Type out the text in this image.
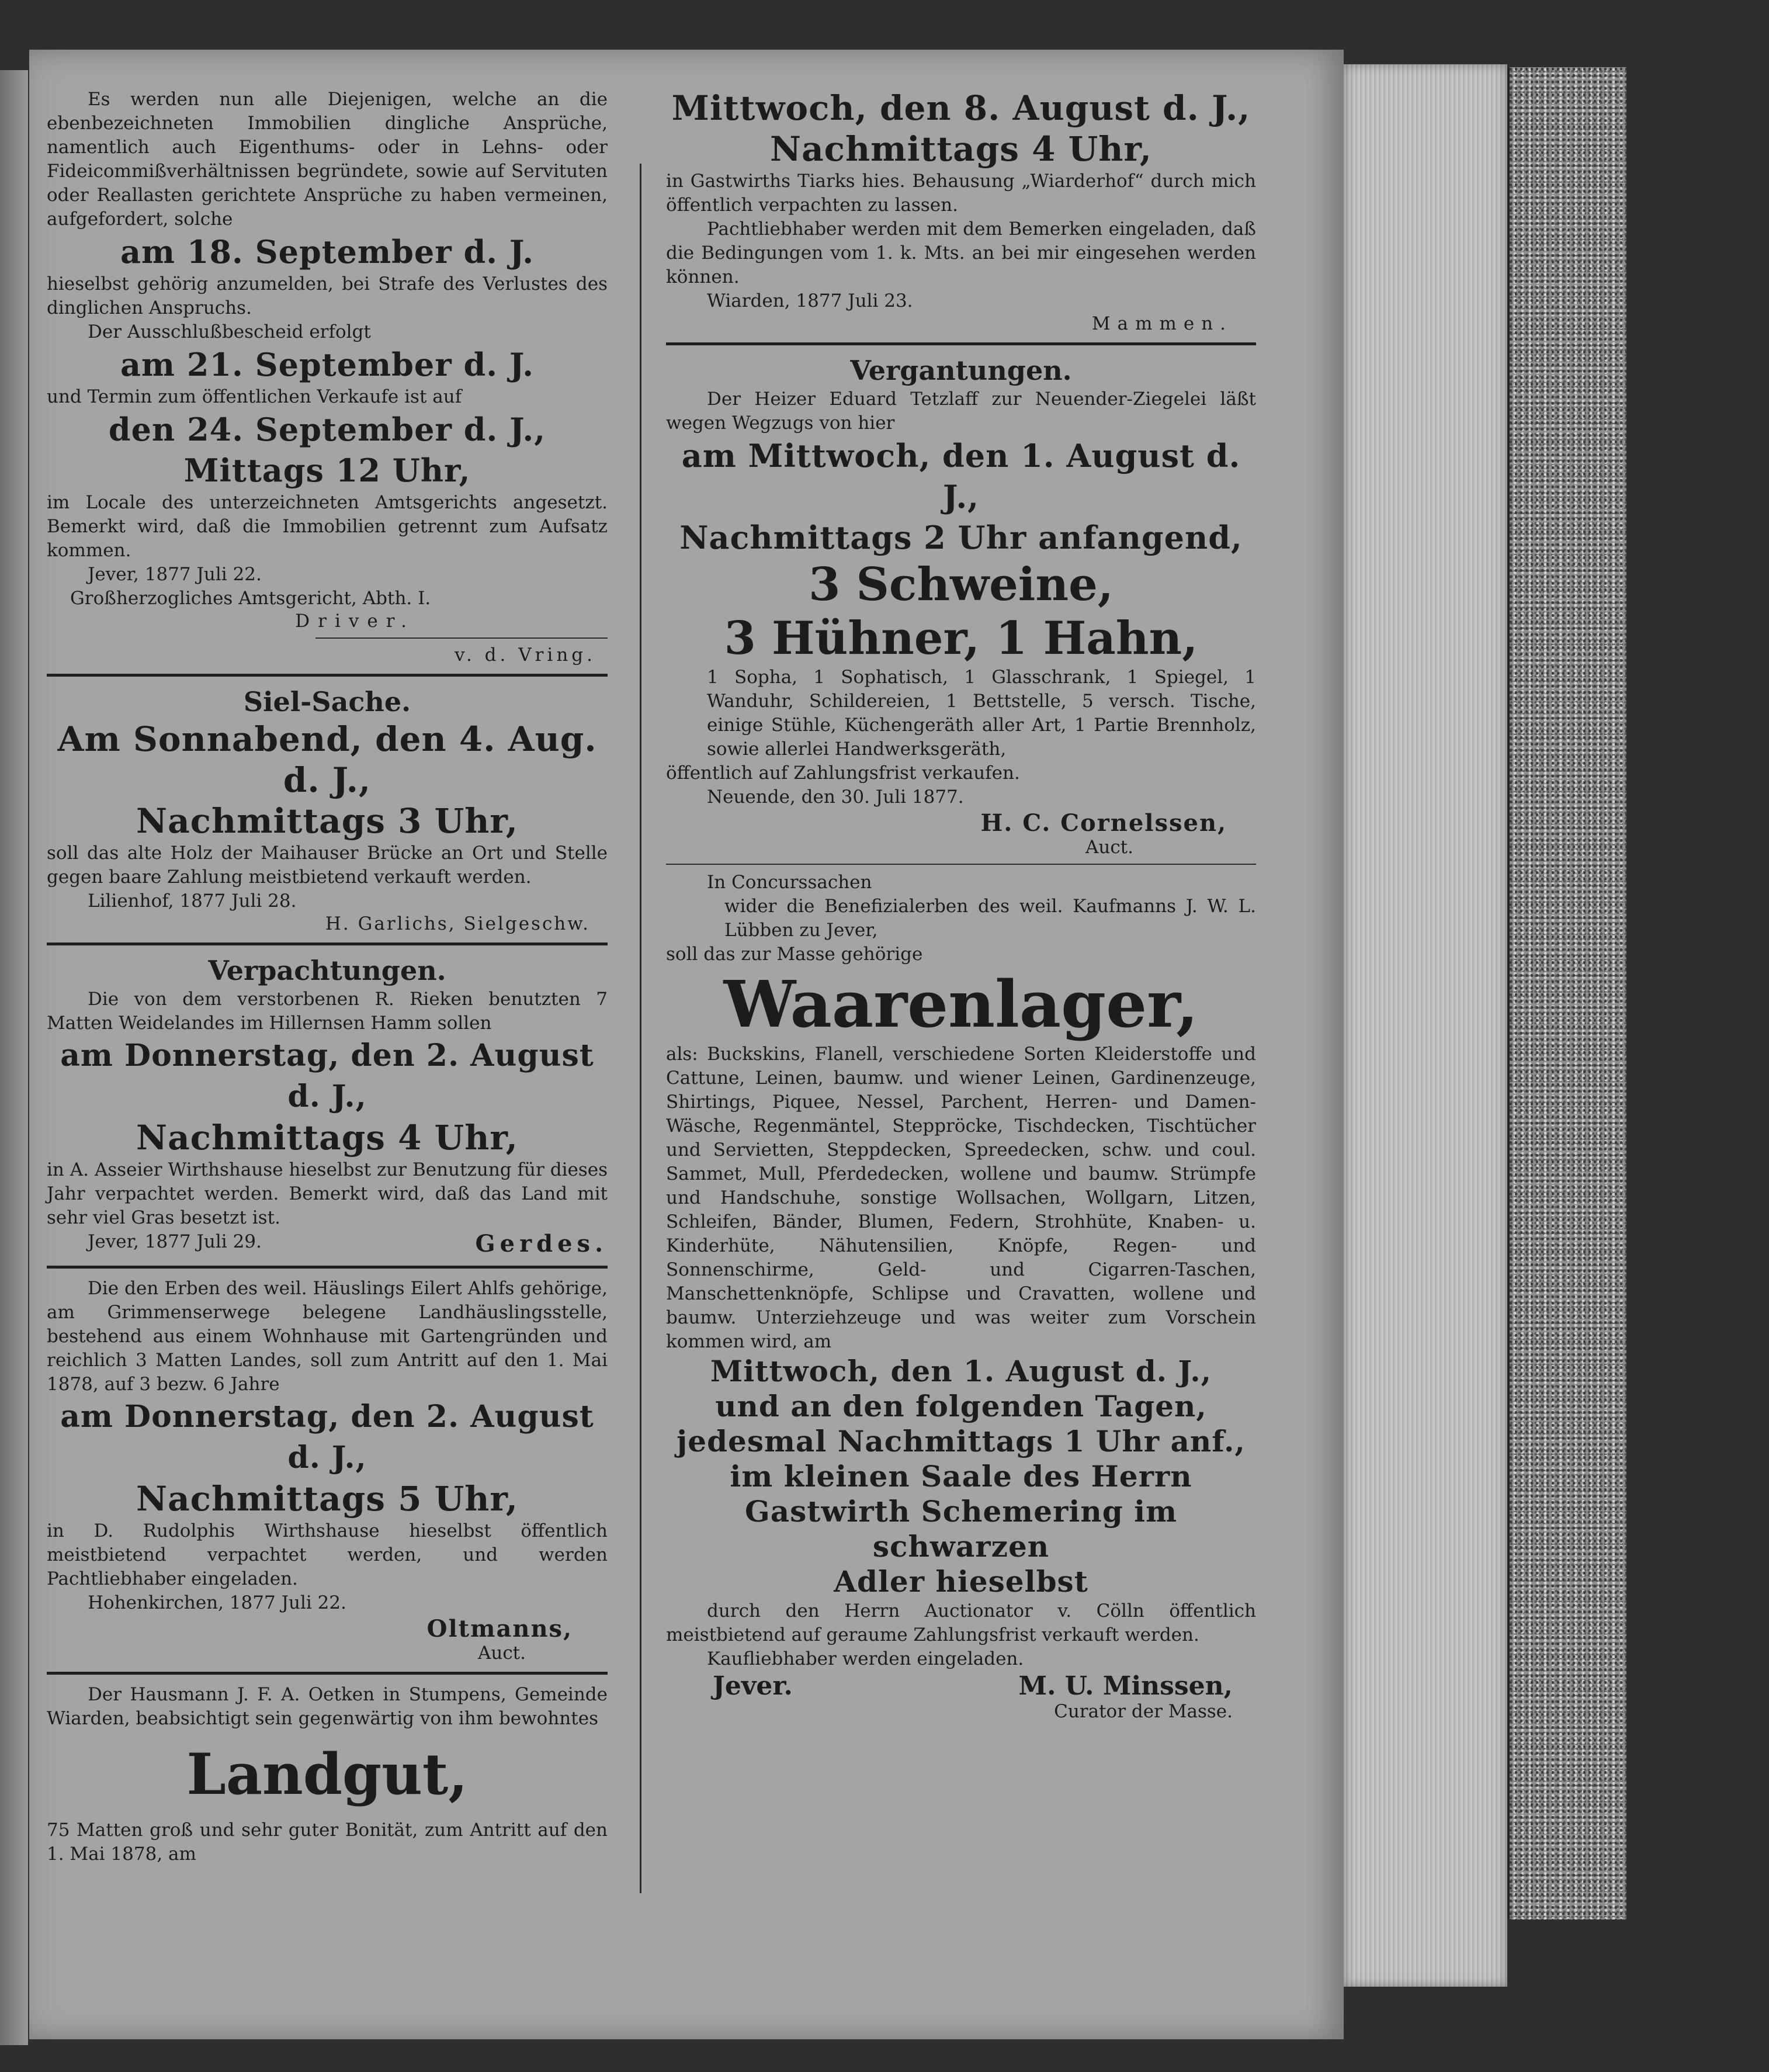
Es werden nun alle Diejenigen, welche an die ebenbezeichneten Immobilien dingliche Ansprüche, namentlich auch Eigenthums- oder in Lehns- oder Fideicommißverhältnissen begründete, sowie auf Servituten oder Reallasten gerichtete Ansprüche zu haben vermeinen, aufgefordert, solche

am 18. September d. J.

hieselbst gehörig anzumelden, bei Strafe des Verlustes des dinglichen Anspruchs.

Der Ausschlußbescheid erfolgt

am 21. September d. J.

und Termin zum öffentlichen Verkaufe ist auf

den 24. September d. J.,

Mittags 12 Uhr,

im Locale des unterzeichneten Amtsgerichts angesetzt. Bemerkt wird, daß die Immobilien getrennt zum Aufsatz kommen.

Jever, 1877 Juli 22.

Großherzogliches Amtsgericht, Abth. I.

Driver.

v. d. Vring.

Siel-Sache.

Am Sonnabend, den 4. Aug. d. J.,

Nachmittags 3 Uhr,

soll das alte Holz der Maihauser Brücke an Ort und Stelle gegen baare Zahlung meistbietend verkauft werden.

Lilienhof, 1877 Juli 28.

H. Garlichs, Sielgeschw.

Verpachtungen.

Die von dem verstorbenen R. Rieken benutzten 7 Matten Weidelandes im Hillernsen Hamm sollen

am Donnerstag, den 2. August d. J.,

Nachmittags 4 Uhr,

in A. Asseier Wirthshause hieselbst zur Benutzung für dieses Jahr verpachtet werden. Bemerkt wird, daß das Land mit sehr viel Gras besetzt ist.

Jever, 1877 Juli 29.	Gerdes.

Die den Erben des weil. Häuslings Eilert Ahlfs gehörige, am Grimmenserwege belegene Landhäuslingsstelle, bestehend aus einem Wohnhause mit Gartengründen und reichlich 3 Matten Landes, soll zum Antritt auf den 1. Mai 1878, auf 3 bezw. 6 Jahre

am Donnerstag, den 2. August d. J.,

Nachmittags 5 Uhr,

in D. Rudolphis Wirthshause hieselbst öffentlich meistbietend verpachtet werden, und werden Pachtliebhaber eingeladen.

Hohenkirchen, 1877 Juli 22.

Oltmanns,

Auct.

Der Hausmann J. F. A. Oetken in Stumpens, Gemeinde Wiarden, beabsichtigt sein gegenwärtig von ihm bewohntes

Landgut,

75 Matten groß und sehr guter Bonität, zum Antritt auf den 1. Mai 1878, am

Mittwoch, den 8. August d. J.,

Nachmittags 4 Uhr,

in Gastwirths Tiarks hies. Behausung „Wiarderhof“ durch mich öffentlich verpachten zu lassen.

Pachtliebhaber werden mit dem Bemerken eingeladen, daß die Bedingungen vom 1. k. Mts. an bei mir eingesehen werden können.

Wiarden, 1877 Juli 23.

Mammen.

Vergantungen.

Der Heizer Eduard Tetzlaff zur Neuender-Ziegelei läßt wegen Wegzugs von hier

am Mittwoch, den 1. August d. J.,

Nachmittags 2 Uhr anfangend,

3 Schweine,

3 Hühner, 1 Hahn,

1 Sopha, 1 Sophatisch, 1 Glasschrank, 1 Spiegel, 1 Wanduhr, Schildereien, 1 Bettstelle, 5 versch. Tische, einige Stühle, Küchengeräth aller Art, 1 Partie Brennholz, sowie allerlei Handwerksgeräth,

öffentlich auf Zahlungsfrist verkaufen.

Neuende, den 30. Juli 1877.

H. C. Cornelssen,

Auct.

In Concurssachen

wider die Benefizialerben des weil. Kaufmanns J. W. L. Lübben zu Jever,

soll das zur Masse gehörige

Waarenlager,

als: Buckskins, Flanell, verschiedene Sorten Kleiderstoffe und Cattune, Leinen, baumw. und wiener Leinen, Gardinenzeuge, Shirtings, Piquee, Nessel, Parchent, Herren- und Damen-Wäsche, Regenmäntel, Steppröcke, Tischdecken, Tischtücher und Servietten, Steppdecken, Spreedecken, schw. und coul. Sammet, Mull, Pferdedecken, wollene und baumw. Strümpfe und Handschuhe, sonstige Wollsachen, Wollgarn, Litzen, Schleifen, Bänder, Blumen, Federn, Strohhüte, Knaben- u. Kinderhüte, Nähutensilien, Knöpfe, Regen- und Sonnenschirme, Geld- und Cigarren-Taschen, Manschettenknöpfe, Schlipse und Cravatten, wollene und baumw. Unterziehzeuge und was weiter zum Vorschein kommen wird, am

Mittwoch, den 1. August d. J.,

und an den folgenden Tagen,

jedesmal Nachmittags 1 Uhr anf.,

im kleinen Saale des Herrn

Gastwirth Schemering im schwarzen

Adler hieselbst

durch den Herrn Auctionator v. Cölln öffentlich meistbietend auf geraume Zahlungsfrist verkauft werden.

Kaufliebhaber werden eingeladen.

Jever.	M. U. Minssen,

Curator der Masse.
